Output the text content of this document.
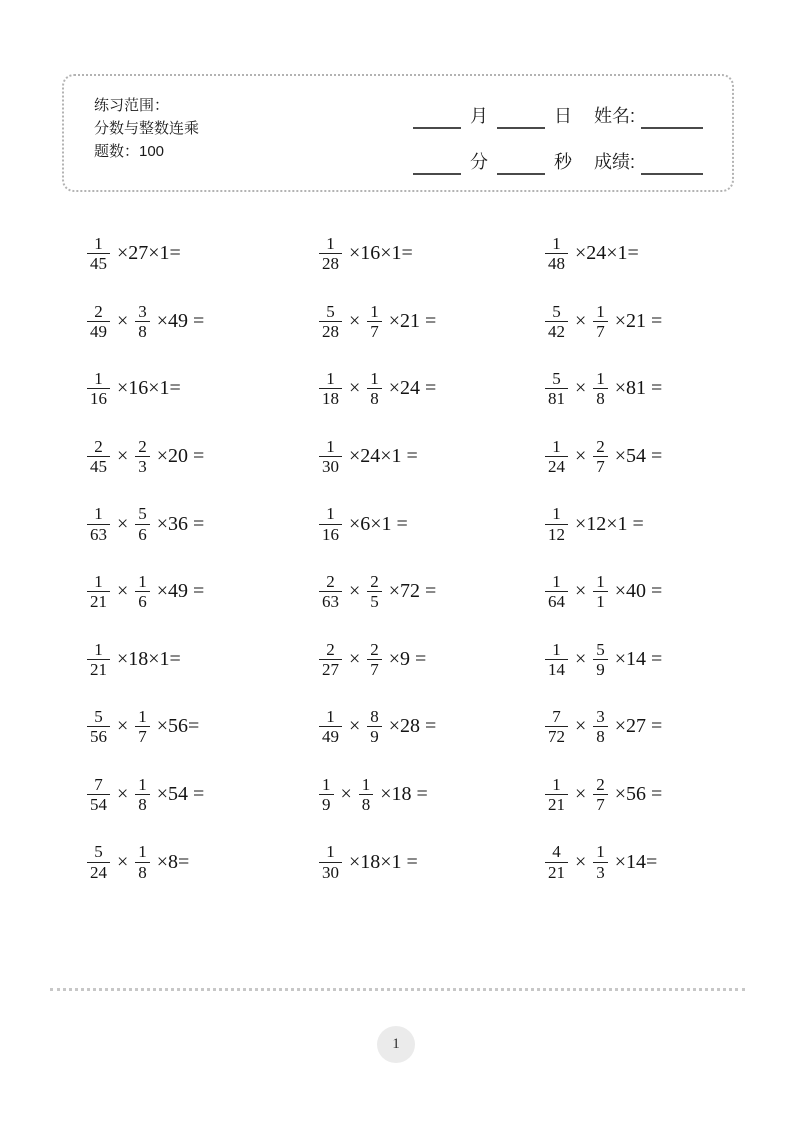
练习范围：
分数与整数连乘
题数：100
月	日 姓名:
分	秒 成绩:
$\frac{1}{45} \times 27\times 1=$	$\frac{1}{28} \times 16\times 1=$	$\frac{1}{48} \times 24\times 1=$
$\frac{2}{49} \times \frac{3}{8} \times 49$ =	$\frac{5}{28} \times \frac{1}{7} \times 21$ =	$\frac{5}{42} \times \frac{1}{7} \times 21$ =
$\frac{1}{16} \times 16\times 1=$	$\frac{1}{18} \times \frac{1}{8} \times 24$ =	$\frac{5}{81} \times \frac{1}{8} \times 81$ =
$\frac{2}{45} \times \frac{2}{3} \times 20$ =	$\frac{1}{30} \times 24\times 1$ =	$\frac{1}{24} \times \frac{2}{7} \times 54$ =
$\frac{1}{63} \times \frac{5}{6} \times 36$ =	$\frac{1}{16} \times 6\times 1$ =	$\frac{1}{12} \times 12\times 1$ =
$\frac{1}{21} \times \frac{1}{6} \times 49$ =	$\frac{2}{63} \times \frac{2}{5} \times 72$ =	$\frac{1}{64} \times \frac{1}{1} \times 40$ =
$\frac{1}{21} \times 18\times 1=$	$\frac{2}{27} \times \frac{2}{7} \times 9$ =	$\frac{1}{14} \times \frac{5}{9} \times 14$ =
$\frac{5}{56} \times \frac{1}{7} \times 56=$	$\frac{1}{49} \times \frac{8}{9} \times 28$ =	$\frac{7}{72} \times \frac{3}{8} \times 27$ =
$\frac{7}{54} \times \frac{1}{8} \times 54$ =	$\frac{1}{9} \times \frac{1}{8} \times 18$ =	$\frac{1}{21} \times \frac{2}{7} \times 56$ =
$\frac{5}{24} \times \frac{1}{8} \times 8=$	$\frac{1}{30} \times 18\times 1$ =	$\frac{4}{21} \times \frac{1}{3} \times 14=$
1
